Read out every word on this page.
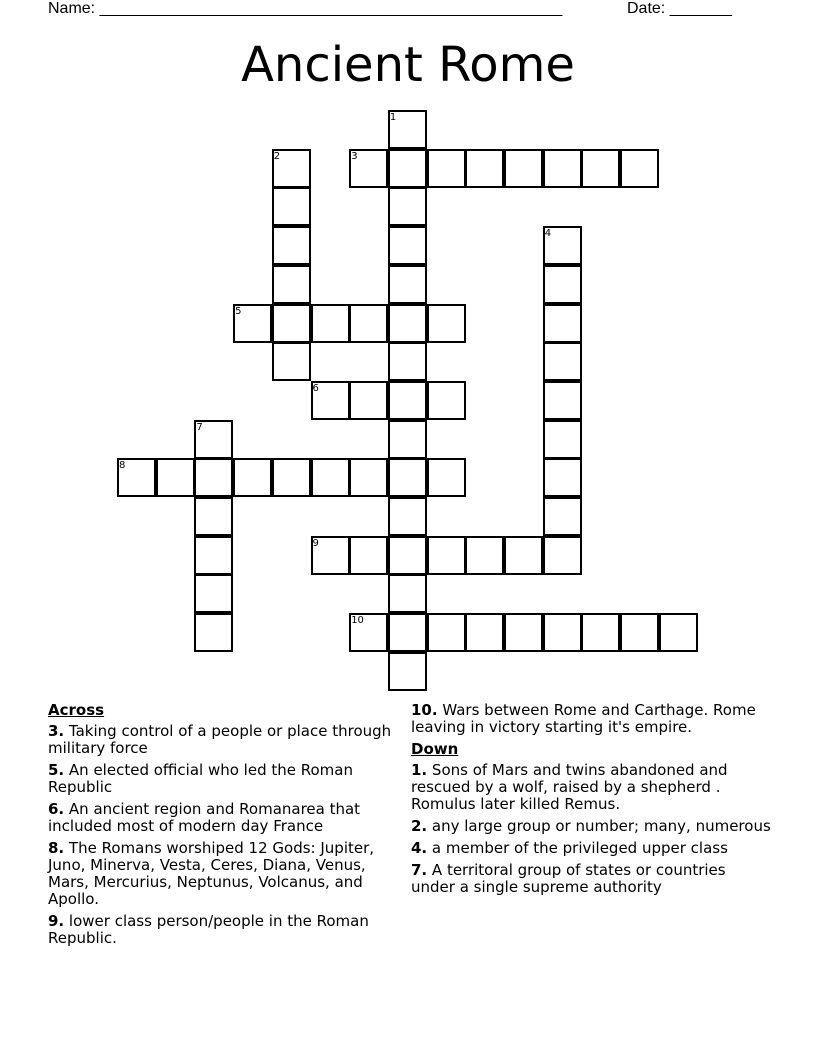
Name: ____________________________________________________	Date: _______
Ancient Rome
1
2	3
4
5
6
7
8
9
10
Across
3. Taking control of a people or place through military force
5. An elected official who led the Roman Republic
6. An ancient region and Romanarea that included most of modern day France
8. The Romans worshiped 12 Gods: Jupiter, Juno, Minerva, Vesta, Ceres, Diana, Venus, Mars, Mercurius, Neptunus, Volcanus, and Apollo.
9. lower class person/people in the Roman Republic.
10. Wars between Rome and Carthage. Rome leaving in victory starting it's empire.
Down
1. Sons of Mars and twins abandoned and rescued by a wolf, raised by a shepherd . Romulus later killed Remus.
2. any large group or number; many, numerous
4. a member of the privileged upper class
7. A territoral group of states or countries under a single supreme authority
